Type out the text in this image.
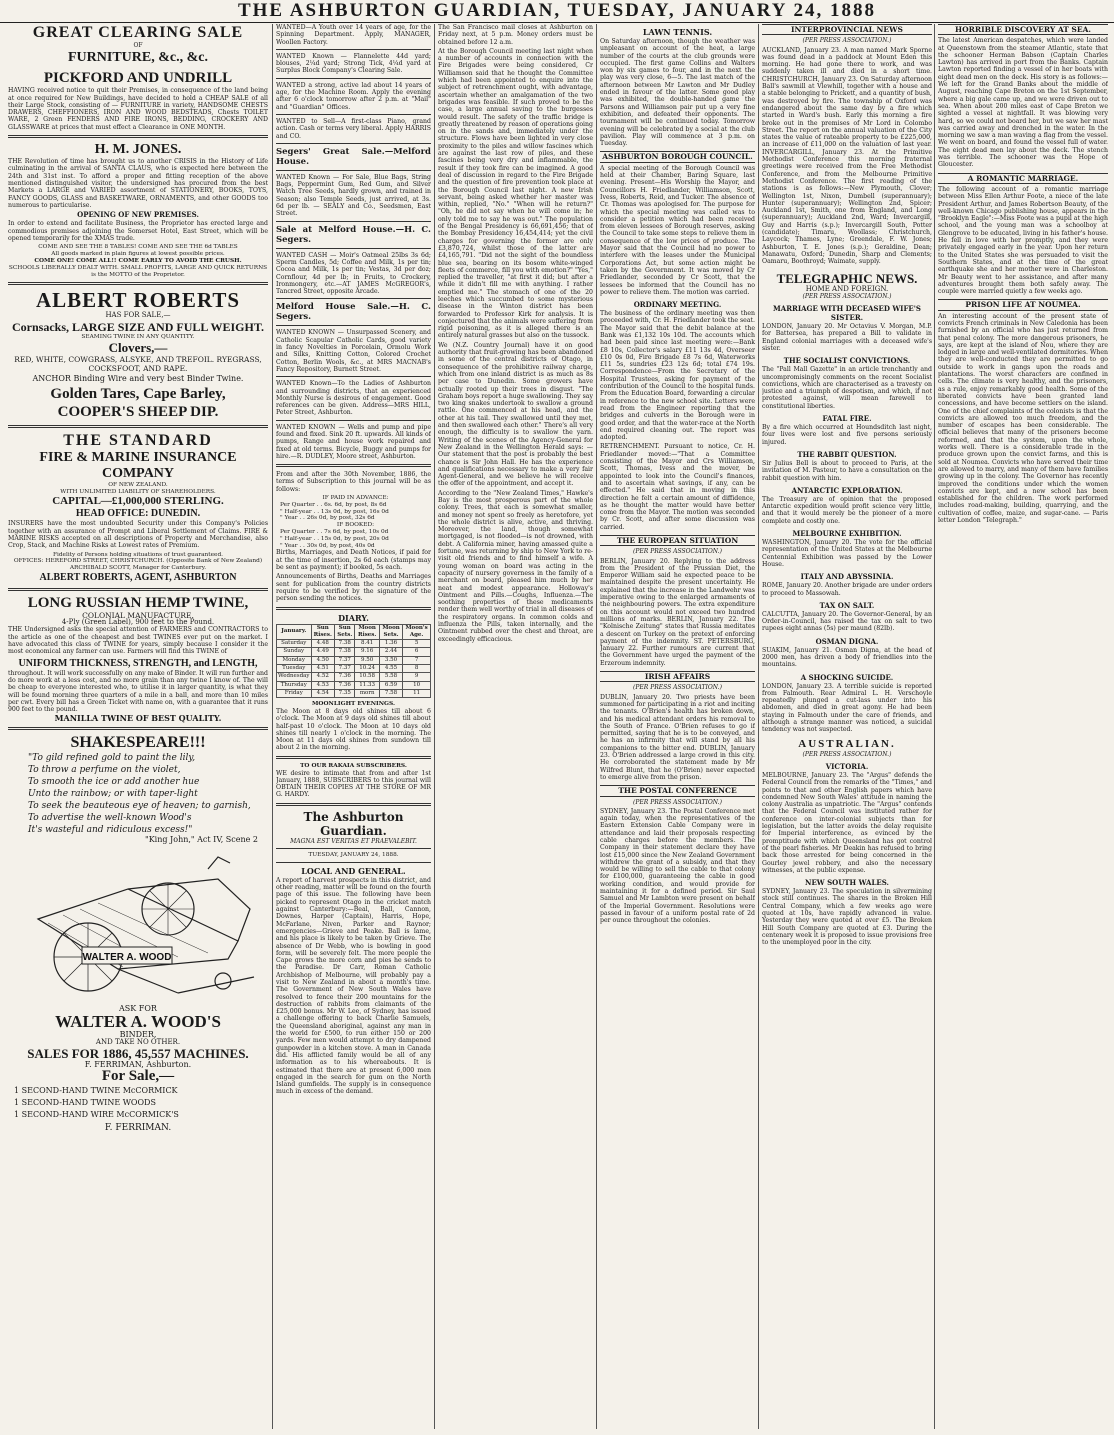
THE ASHBURTON GUARDIAN, TUESDAY, JANUARY 24, 1888
GREAT CLEARING SALE
OF
FURNITURE, &c., &c.
PICKFORD AND UNDRILL

HAVING received notice to quit their Premises, in consequence of the land being at once required for New Buildings, have decided to hold a CHEAP SALE of all their Large Stock, consisting of — FURNITURE in variety, HANDSOME CHESTS DRAWERS, CHEFFIONERS, IRON AND WOOD BEDSTEADS, Chests TOILET WARE, 2 Green FENDERS AND FIRE IRONS, BEDDING, CROCKERY AND GLASSWARE at prices that must effect a Clearance in ONE MONTH.

H. M. JONES.

THE Revolution of time has brought us to another CRISIS in the History of Life culminating in the arrival of SANTA CLAUS, who is expected here between the 24th and 31st inst. To afford a proper and fitting reception of the above mentioned distinguished visitor, the undersigned has procured from the best Markets a LARGE and VARIED assortment of STATIONERY, BOOKS, TOYS, FANCY GOODS, GLASS and BASKETWARE, ORNAMENTS, and other GOODS too numerous to particularise.

OPENING OF NEW PREMISES.

In order to extend and facilitate Business, the Proprietor has erected large and commodious premises adjoining the Somerset Hotel, East Street, which will be opened temporarily for the XMAS trade.

COME AND SEE THE 8 TABLES! COME AND SEE THE 6d TABLES
All goods marked in plain figures at lowest possible prices.
COME ONE! COME ALL!! COME EARLY TO AVOID THE CRUSH.
SCHOOLS LIBERALLY DEALT WITH. SMALL PROFITS, LARGE AND QUICK RETURNS is the MOTTO of the Proprietor.
ALBERT ROBERTS
HAS FOR SALE,—
Cornsacks, LARGE SIZE AND FULL WEIGHT.
SEAMING TWINE IN ANY QUANTITY.
Clovers,—
RED, WHITE, COWGRASS, ALSYKE, AND TREFOIL. RYEGRASS, COCKSFOOT, AND RAPE.
ANCHOR Binding Wire and very best Binder Twine.
Golden Tares, Cape Barley,
COOPER'S SHEEP DIP.
THE STANDARD
FIRE & MARINE INSURANCE COMPANY
OF NEW ZEALAND.
WITH UNLIMITED LIABILITY OF SHAREHOLDERS.
CAPITAL—£1,000,000 STERLING.
HEAD OFFICE: DUNEDIN.

INSURERS have the most undoubted Security under this Company's Policies together with an assurance of Prompt and Liberal Settlement of Claims. FIRE & MARINE RISKS accepted on all descriptions of Property and Merchandise, also Crop, Stack, and Machine Risks at Lowest rates of Premium.

Fidelity of Persons holding situations of trust guaranteed.
OFFICES: HEREFORD STREET, CHRISTCHURCH. (Opposite Bank of New Zealand) ARCHIBALD SCOTT, Manager for Canterbury.
ALBERT ROBERTS, AGENT, ASHBURTON
LONG RUSSIAN HEMP TWINE,
COLONIAL MANUFACTURE.
4-Ply (Green Label), 900 feet to the Pound.

THE Undersigned asks the special attention of FARMERS and CONTRACTORS to the article as one of the cheapest and best TWINES ever put on the market. I have advocated this class of TWINE for years, simply because I consider it the most economical any farmer can use. Farmers will find this TWINE of

UNIFORM THICKNESS, STRENGTH, and LENGTH,

throughout. It will work successfully on any make of Binder. It will run further and do more work at a less cost, and no more grain than any twine I know of. The will be cheap to everyone interested who, to utilise it in larger quantity, is what they will be found morning three quarters of a mile in a ball, and more than 10 miles per cwt. Every bill has a Green Ticket with name on, with a guarantee that it runs 900 feet to the pound.

MANILLA TWINE OF BEST QUALITY.
SHAKESPEARE!!!
"To gild refined gold to paint the lily,
To throw a perfume on the violet,
To smooth the ice or add another hue
Unto the rainbow; or with taper-light
To seek the beauteous eye of heaven; to garnish,
To advertise the well-known Wood's
It's wasteful and ridiculous excess!"
"King John," Act IV, Scene 2
WALTER A. WOOD
ASK FOR
WALTER A. WOOD'S
BINDER,
AND TAKE NO OTHER.
SALES FOR 1886, 45,557 MACHINES.
F. FERRIMAN, Ashburton.
For Sale,—
1 SECOND-HAND TWINE McCORMICK
1 SECOND-HAND TWINE WOODS
1 SECOND-HAND WIRE McCORMICK'S
F. FERRIMAN.

WANTED—A Youth over 14 years of age, for the Spinning Department. Apply, MANAGER, Woollen Factory.

WANTED Known — Flannelette 44d yard; blouses, 2¼d yard; Strong Tick, 4¼d yard at Surplus Block Company's Clearing Sale.

WANTED a strong, active lad about 14 years of age, for the Machine Room. Apply the evening after 6 o'clock tomorrow after 2 p.m. at "Mail" and "Guardian" Offices.

WANTED to Sell—A first-class Piano, grand action. Cash or terms very liberal. Apply HARRIS and CO.

Segers' Great Sale.—Melford House.

WANTED Known — For Sale, Blue Bags, String Bags, Peppermint Gum, Red Gum, and Silver Watch Tree Seeds, hardly grown, and trained in Season; also Temple Seeds, just arrived, at 3s. 6d per lb. — SEALY and Co., Seedsmen, East Street.

Sale at Melford House.—H. C. Segers.

WANTED CASH — Moir's Oatmeal 25lbs 3s 6d; Sperm Candles, 5d; Coffee and Milk, 1s per tin; Cocoa and Milk, 1s per tin; Vestas, 3d per doz; Cornflour, 4d per lb; in Fruits, to Crockery, Ironmongery, etc.—AT JAMES McGREGOR's, Tancred Street, opposite Arcade.

Melford House Sale.—H. C. Segers.

WANTED KNOWN — Unsurpassed Scenery, and Catholic Scapular Catholic Cards, good variety in fancy Novelties in Porcelain, Ormolu Work and Silks, Knitting Cotton, Colored Crochet Cotton, Berlin Wools, &c., at MRS MACNAB's Fancy Repository, Burnett Street.

WANTED Known—To the Ladies of Ashburton and surrounding districts, that an experienced Monthly Nurse is desirous of engagement. Good references can be given. Address—MRS HILL, Peter Street, Ashburton.

WANTED KNOWN — Wells and pump and pipe found and fixed. Sink 20 ft. upwards. All kinds of pumps, Range and house work repaired and fixed at old terms. Bicycle, Buggy and pumps for hire.—R. DUDLEY, Moore street, Ashburton.

From and after the 30th November, 1886, the terms of Subscription to this journal will be as follows:

IF PAID IN ADVANCE:
Per Quarter . . 6s. 6d, by post, 8s 6d
" Half-year . . 13s 0d, by post, 16s 0d
" Year . . 26s 0d, by post, 32s 6d
IF BOOKED:
Per Quarter . . 7s 6d, by post, 10s 0d
" Half-year . . 15s 0d, by post, 20s 0d
" Year . . 30s 0d, by post, 40s 0d

Births, Marriages, and Death Notices, if paid for at the time of insertion, 2s 6d each (stamps may be sent as payment); if booked, 5s each.

Announcements of Births, Deaths and Marriages sent for publication from the country districts require to be verified by the signature of the person sending the notices.

DIARY.
January.	Sun Rises.	Sun Sets.	Moon Rises.	Moon Sets.	Moon's Age.
Saturday	4.48	7.38	8.41	1.36	5
Sunday	4.49	7.38	9.16	2.44	6
Monday	4.50	7.37	9.50	3.50	7
Tuesday	4.51	7.37	10.24	4.55	8
Wednesday	4.52	7.36	10.58	5.58	9
Thursday	4.53	7.36	11.33	6.59	10
Friday	4.54	7.35	morn	7.58	11
MOONLIGHT EVENINGS.

The Moon at 8 days old shines till about 6 o'clock. The Moon at 9 days old shines till about half-past 10 o'clock. The Moon at 10 days old shines till nearly 1 o'clock in the morning. The Moon at 11 days old shines from sundown till about 2 in the morning.

TO OUR RAKAIA SUBSCRIBERS.

WE desire to intimate that from and after 1st January, 1888, SUBSCRIBERS to this journal will OBTAIN THEIR COPIES AT THE STORE OF MR G. HARDY.

The Ashburton Guardian.
MAGNA EST VERITAS ET PRAEVALEBIT.
TUESDAY, JANUARY 24, 1888.
LOCAL AND GENERAL.

A report of harvest prospects in this district, and other reading, matter will be found on the fourth page of this issue. The following have been picked to represent Otago in the cricket match against Canterbury:—Beal, Ball, Cannon, Downes, Harper (Captain), Harris, Hope, McFarlane, Niven, Parker and Raynor; emergencies—Grieve and Peake. Ball is lame, and his place is likely to be taken by Grieve. The absence of Dr Webb, who is bowling in good form, will be severely felt. The more people the Cape grows the more corn and pies he sends to the Paradise. Dr Carr, Roman Catholic Archbishop of Melbourne, will probably pay a visit to New Zealand in about a month's time. The Government of New South Wales have resolved to fence their 200 mountains for the destruction of rabbits from claimants of the £25,000 bonus. Mr W. Lee, of Sydney, has issued a challenge offering to back Charlie Samuels, the Queensland aboriginal, against any man in the world for £500, to run either 150 or 200 yards. Few men would attempt to dry dampened gunpowder in a kitchen stove. A man in Canada did. His afflicted family would be all of any information as to his whereabouts. It is estimated that there are at present 6,000 men engaged in the search for gum on the North Island gumfields. The supply is in consequence much in excess of the demand.

The San Francisco mail closes at Ashburton on Friday next, at 5 p.m. Money orders must be obtained before 12 a.m.

At the Borough Council meeting last night when a number of accounts in connection with the Fire Brigades were being considered, Cr Williamson said that he thought the Committee which had been appointed to enquire into the subject of retrenchment ought, with advantage, ascertain whether an amalgamation of the two brigades was feasible. If such proved to be the case, a large annual saving to the burgesses would result. The safety of the traffic bridge is greatly threatened by reason of operations going on in the sands and, immediately under the structure. Flows have been lighted in very close proximity to the piles and willow fascines which are against the last row of piles, and these fascines being very dry and inflammable, the result if they took fire can be imagined. A good deal of discussion in regard to the Fire Brigade and the question of fire prevention took place at the Borough Council last night. A new Irish servant, being asked whether her master was within, replied, "No." "When will he return?" "Oh, he did not say when he will come in; he only told me to say he was out." The population of the Bengal Presidency is 66,691,456; that of the Bombay Presidency 16,454,414; yet the civil charges for governing the former are only £3,870,724, whilst those of the latter are £4,165,791. "Did not the sight of the boundless blue sea, bearing on its bosom white-winged fleets of commerce, fill you with emotion?" "Yes," replied the traveller, "at first it did; but after a while it didn't fill me with anything. I rather emptied me." The stomach of one of the 20 leeches which succumbed to some mysterious disease in the Winton district has been forwarded to Professor Kirk for analysis. It is conjectured that the animals were suffering from rigid poisoning, as it is alleged there is an entirely natural grasses but also on the tussock.

We (N.Z. Country Journal) have it on good authority that fruit-growing has been abandoned in some of the central districts of Otago, in consequence of the prohibitive railway charge, which from one inland district is as much as 8s per case to Dunedin. Some growers have actually rooted up their trees in disgust. "The Graham boys report a huge swallowing. They say two king snakes undertook to swallow a ground rattle. One commenced at his head, and the other at his tail. They swallowed until they met, and then swallowed each other." There's all very enough, the difficulty is to swallow the yarn. Writing of the scenes of the Agency-General for New Zealand in the Wellington Herald says: — Our statement that the post is probably the best chance is Sir John Hall. He has the experience and qualifications necessary to make a very fair Agent-General, and we believe he will receive the offer of the appointment, and accept it.

According to the "New Zealand Times," Hawke's Bay is the most prosperous part of the whole colony. Trees, that each is somewhat smaller, and money not spent so freely as heretofore, yet the whole district is alive, active, and thriving. Moreover, the land, though somewhat mortgaged, is not flooded—is not drowned, with debt. A California miner, having amassed quite a fortune, was returning by ship to New York to re-visit old friends and to find himself a wife. A young woman on board was acting in the capacity of nursery governess in the family of a merchant on board, pleased him much by her neat and modest appearance. Holloway's Ointment and Pills.—Coughs, Influenza.—The soothing properties of these medicaments render them well worthy of trial in all diseases of the respiratory organs. In common colds and influenza the Pills, taken internally, and the Ointment rubbed over the chest and throat, are exceedingly efficacious.

LAWN TENNIS.

On Saturday afternoon, though the weather was unpleasant on account of the heat, a large number of the courts at the club grounds were occupied. The first game Collins and Walters won by six games to four, and in the next the play was very close, 6—5. The last match of the afternoon between Mr Lawton and Mr Dudley ended in favour of the latter. Some good play was exhibited, the double-handed game the Parsons and Williamson pair put up a very fine exhibition, and defeated their opponents. The tournament will be continued today. Tomorrow evening will be celebrated by a social at the club pavilion. Play will commence at 3 p.m. on Tuesday.

ASHBURTON BOROUGH COUNCIL.

A special meeting of the Borough Council was held at their Chamber, Baring Square, last evening. Present—His Worship the Mayor, and Councillors H. Friedlander, Williamson, Scott, Ivess, Roberts, Reid, and Tucker. The absence of Cr. Thomas was apologised for. The purpose for which the special meeting was called was to consider a petition which had been received from eleven lessees of Borough reserves, asking the Council to take some steps to relieve them in consequence of the low prices of produce. The Mayor said that the Council had no power to interfere with the leases under the Municipal Corporations Act, but some action might be taken by the Government. It was moved by Cr Friedlander, seconded by Cr Scott, that the lessees be informed that the Council has no power to relieve them. The motion was carried.

ORDINARY MEETING.

The business of the ordinary meeting was then proceeded with, Cr. H. Friedlander took the seat. The Mayor said that the debit balance at the Bank was £1,132 10s 10d. The accounts which had been paid since last meeting were:—Bank £8 10s, Collector's salary £11 13s 4d, Overseer £10 0s 0d, Fire Brigade £8 7s 6d, Waterworks £11 5s, sundries £23 12s 6d; total £74 19s. Correspondence—From the Secretary of the Hospital Trustees, asking for payment of the contribution of the Council to the hospital funds. From the Education Board, forwarding a circular in reference to the new school site. Letters were read from the Engineer reporting that the bridges and culverts in the Borough were in good order, and that the water-race at the North end required cleaning out. The report was adopted.

RETRENCHMENT. Pursuant to notice, Cr. H. Friedlander moved:—"That a Committee consisting of the Mayor and Crs Williamson, Scott, Thomas, Ivess and the mover, be appointed to look into the Council's finances, and to ascertain what savings, if any, can be effected." He said that in moving in this direction he felt a certain amount of diffidence, as he thought the matter would have better come from the Mayor. The motion was seconded by Cr. Scott, and after some discussion was carried.

THE EUROPEAN SITUATION
(PER PRESS ASSOCIATION.)

BERLIN, January 20. Replying to the address from the President of the Prussian Diet, the Emperor William said he expected peace to be maintained despite the present uncertainty. He explained that the increase in the Landwehr was imperative owing to the enlarged armaments of the neighbouring powers. The extra expenditure on this account would not exceed two hundred millions of marks. BERLIN, January 22. The "Kolnische Zeitung" states that Russia meditates a descent on Turkey on the pretext of enforcing payment of the indemnity. ST. PETERSBURG, January 22. Further rumours are current that the Government have urged the payment of the Erzeroum indemnity.

IRISH AFFAIRS
(PER PRESS ASSOCIATION.)

DUBLIN, January 20. Two priests have been summoned for participating in a riot and inciting the tenants. O'Brien's health has broken down, and his medical attendant orders his removal to the South of France. O'Brien refuses to go if permitted, saying that he is to be conveyed, and he has an infirmity that will stand by all his companions to the bitter end. DUBLIN, January 23. O'Brien addressed a large crowd in this city. He corroborated the statement made by Mr Wilfred Blunt, that he (O'Brien) never expected to emerge alive from the prison.

THE POSTAL CONFERENCE
(PER PRESS ASSOCIATION.)

SYDNEY, January 23. The Postal Conference met again today, when the representatives of the Eastern Extension Cable Company were in attendance and laid their proposals respecting cable charges before the members. The Company in their statement declare they have lost £15,000 since the New Zealand Government withdrew the grant of a subsidy, and that they would be willing to sell the cable to that colony for £100,000, guaranteeing the cable in good working condition, and would provide for maintaining it for a defined period. Sir Saul Samuel and Mr Lambton were present on behalf of the Imperial Government. Resolutions were passed in favour of a uniform postal rate of 2d per ounce throughout the colonies.

INTERPROVINCIAL NEWS
(PER PRESS ASSOCIATION.)

AUCKLAND, January 23. A man named Mark Sporne was found dead in a paddock at Mount Eden this morning. He had gone there to work, and was suddenly taken ill and died in a short time. CHRISTCHURCH, January 23. On Saturday afternoon Ball's sawmill at Vlewhill, together with a house and a stable belonging to Prickett, and a quantity of bush, was destroyed by fire. The township of Oxford was endangered about the same day by a fire which started in Ward's bush. Early this morning a fire broke out in the premises of Mr Lord in Colombo Street. The report on the annual valuation of the City states the value of rateable property to be £225,000, an increase of £11,000 on the valuation of last year. INVERCARGILL, January 23. At the Primitive Methodist Conference this morning fraternal greetings were received from the Free Methodist Conference, and from the Melbourne Primitive Methodist Conference. The first reading of the stations is as follows:—New Plymouth, Clover; Wellington 1st, Nixon, Dumbell (superannuary); Hunter (superannuary); Wellington 2nd, Spicer; Auckland 1st, Smith, one from England, and Long (superannuary); Auckland 2nd, Ward; Invercargill, Guy and Harris (s.p.); Invercargill South, Potter (candidate); Timaru, Woollass; Christchurch, Laycock; Thames, Lyne; Greendale, F. W. Jones; Ashburton, T. E. Jones (s.p.); Geraldine, Dean; Manawatu, Oxford; Dunedin, Sharp and Clements; Oamaru, Boothroyd; Waimate, supply.

TELEGRAPHIC NEWS.
HOME AND FOREIGN.
(PER PRESS ASSOCIATION.)
MARRIAGE WITH DECEASED WIFE'S SISTER.

LONDON, January 20. Mr Octavius V. Morgan, M.P. for Battersea, has prepared a Bill to validate in England colonial marriages with a deceased wife's sister.

THE SOCIALIST CONVICTIONS.

The "Pall Mall Gazette" in an article trenchantly and uncompromisingly comments on the recent Socialist convictions, which are characterised as a travesty on justice and a triumph of despotism, and which, if not protested against, will mean farewell to constitutional liberties.

FATAL FIRE.

By a fire which occurred at Houndsditch last night, four lives were lost and five persons seriously injured.

THE RABBIT QUESTION.

Sir Julius Bell is about to proceed to Paris, at the invitation of M. Pasteur, to have a consultation on the rabbit question with him.

ANTARCTIC EXPLORATION.

The Treasury are of opinion that the proposed Antarctic expedition would profit science very little, and that it would merely be the pioneer of a more complete and costly one.

MELBOURNE EXHIBITION.

WASHINGTON, January 20. The vote for the official representation of the United States at the Melbourne Centennial Exhibition was passed by the Lower House.

ITALY AND ABYSSINIA.

ROME, January 20. Another brigade are under orders to proceed to Massowah.

TAX ON SALT.

CALCUTTA, January 20. The Governor-General, by an Order-in-Council, has raised the tax on salt to two rupees eight annas (5s) per maund (82lb).

OSMAN DIGNA.

SUAKIM, January 21. Osman Digna, at the head of 2000 men, has driven a body of friendlies into the mountains.

A SHOCKING SUICIDE.

LONDON, January 23. A terrible suicide is reported from Falmouth. Rear Admiral L. H. Verschoyle repeatedly plunged a cut-lass under into his abdomen, and died in great agony. He had been staying in Falmouth under the care of friends, and although a strange manner was noticed, a suicidal tendency was not suspected.

AUSTRALIAN.
(PER PRESS ASSOCIATION.)
VICTORIA.

MELBOURNE, January 23. The "Argus" defends the Federal Council from the remarks of the "Times," and points to that and other English papers which have condemned New South Wales' attitude in naming the colony Australia as unpatriotic. The "Argus" contends that the Federal Council was instituted rather for conference on inter-colonial subjects than for legislation, but the latter avoids the delay requisite for Imperial interference, as evinced by the promptitude with which Queensland has got control of the pearl fisheries. Mr Deakin has refused to bring back those arrested for being concerned in the Gourley jewel robbery, and also the necessary witnesses, at the public expense.

NEW SOUTH WALES.

SYDNEY, January 23. The speculation in silvermining stock still continues. The shares in the Broken Hill Central Company, which a few weeks ago were quoted at 10s, have rapidly advanced in value. Yesterday they were quoted at over £5. The Broken Hill South Company are quoted at £3. During the centenary week it is proposed to issue provisions free to the unemployed poor in the city.

HORRIBLE DISCOVERY AT SEA.

The latest American despatches, which were landed at Queenstown from the steamer Atlantic, state that the schooner Herman Babson (Captain Charles Lawton) has arrived in port from the Banks. Captain Lawton reported finding a vessel of in her boats with eight dead men on the deck. His story is as follows:—We left for the Grand Banks about the middle of August, reaching Cape Breton on the 1st September, where a big gale came up, and we were driven out to sea. When about 200 miles east of Cape Breton we sighted a vessel at nightfall. It was blowing very hard, so we could not board her, but we saw her mast was carried away and drenched in the water. In the morning we saw a man waving a flag from the vessel. We went on board, and found the vessel full of water. The eight dead men lay about the deck. The stench was terrible. The schooner was the Hope of Gloucester.

A ROMANTIC MARRIAGE.

The following account of a romantic marriage between Miss Ellen Arthur Foote, a niece of the late President Arthur, and James Robertson Beauty, of the well-known Chicago publishing house, appears in the "Brooklyn Eagle":—Miss Foote was a pupil at the high school, and the young man was a schoolboy at Glengrove to be educated, living in his father's house. He fell in love with her promptly, and they were privately engaged early in the year. Upon her return to the United States she was persuaded to visit the Southern States, and at the time of the great earthquake she and her mother were in Charleston. Mr Beauty went to her assistance, and after many adventures brought them both safely away. The couple were married quietly a few weeks ago.

PRISON LIFE AT NOUMEA.

An interesting account of the present state of convicts French criminals in New Caledonia has been furnished by an official who has just returned from that penal colony. The more dangerous prisoners, he says, are kept at the island of Nou, where they are lodged in large and well-ventilated dormitories. When they are well-conducted they are permitted to go outside to work in gangs upon the roads and plantations. The worst characters are confined in cells. The climate is very healthy, and the prisoners, as a rule, enjoy remarkably good health. Some of the liberated convicts have been granted land concessions, and have become settlers on the island. One of the chief complaints of the colonists is that the convicts are allowed too much freedom, and the number of escapes has been considerable. The official believes that many of the prisoners become reformed, and that the system, upon the whole, works well. There is a considerable trade in the produce grown upon the convict farms, and this is sold at Noumea. Convicts who have served their time are allowed to marry, and many of them have families growing up in the colony. The Governor has recently improved the conditions under which the women convicts are kept, and a new school has been established for the children. The work performed includes road-making, building, quarrying, and the cultivation of coffee, maize, and sugar-cane. — Paris letter London "Telegraph."
